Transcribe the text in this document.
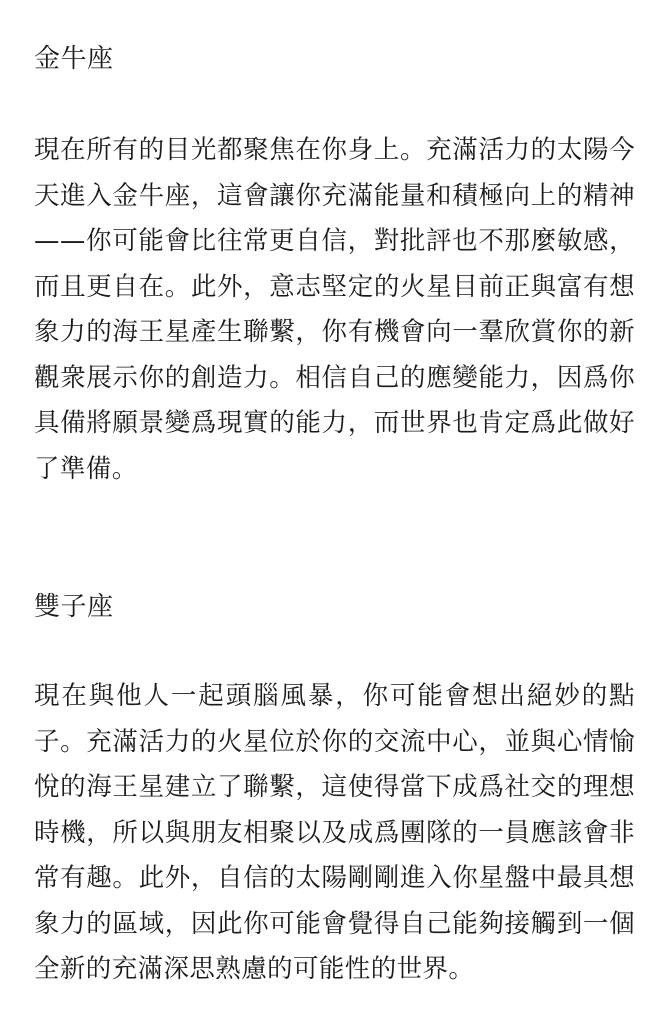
金牛座

現在所有的目光都聚焦在你身上。充滿活力的太陽今天進入金牛座，這會讓你充滿能量和積極向上的精神——你可能會比往常更自信，對批評也不那麼敏感，而且更自在。此外，意志堅定的火星目前正與富有想象力的海王星產生聯繫，你有機會向一羣欣賞你的新觀衆展示你的創造力。相信自己的應變能力，因爲你具備將願景變爲現實的能力，而世界也肯定爲此做好了準備。

雙子座

現在與他人一起頭腦風暴，你可能會想出絕妙的點子。充滿活力的火星位於你的交流中心，並與心情愉悅的海王星建立了聯繫，這使得當下成爲社交的理想時機，所以與朋友相聚以及成爲團隊的一員應該會非常有趣。此外，自信的太陽剛剛進入你星盤中最具想象力的區域，因此你可能會覺得自己能夠接觸到一個全新的充滿深思熟慮的可能性的世界。
